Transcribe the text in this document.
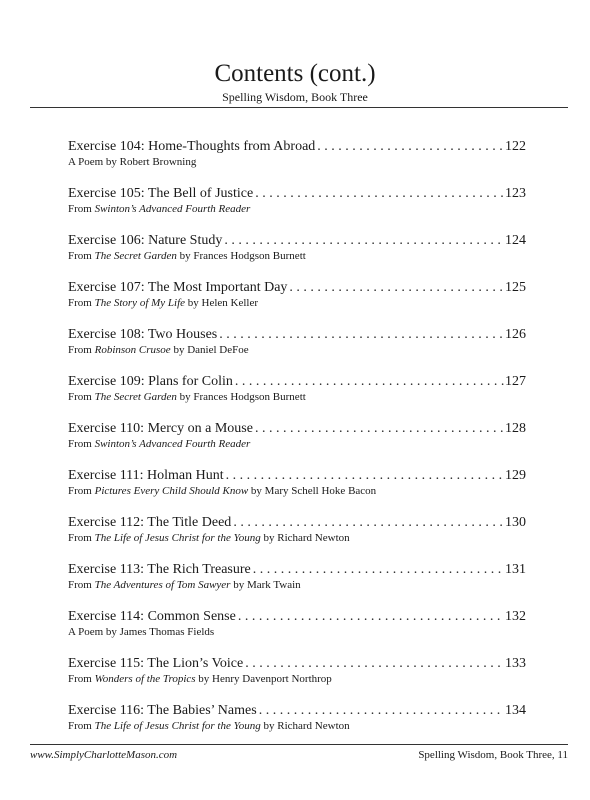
Contents (cont.)
Spelling Wisdom, Book Three
Exercise 104: Home-Thoughts from Abroad . . .	122
A Poem by Robert Browning
Exercise 105: The Bell of Justice . . .	123
From Swinton’s Advanced Fourth Reader
Exercise 106: Nature Study . . .	124
From The Secret Garden by Frances Hodgson Burnett
Exercise 107: The Most Important Day . . .	125
From The Story of My Life by Helen Keller
Exercise 108: Two Houses . . .	126
From Robinson Crusoe by Daniel DeFoe
Exercise 109: Plans for Colin . . .	127
From The Secret Garden by Frances Hodgson Burnett
Exercise 110: Mercy on a Mouse . . .	128
From Swinton’s Advanced Fourth Reader
Exercise 111: Holman Hunt . . .	129
From Pictures Every Child Should Know by Mary Schell Hoke Bacon
Exercise 112: The Title Deed . . .	130
From The Life of Jesus Christ for the Young by Richard Newton
Exercise 113: The Rich Treasure . . .	131
From The Adventures of Tom Sawyer by Mark Twain
Exercise 114: Common Sense . . .	132
A Poem by James Thomas Fields
Exercise 115: The Lion’s Voice . . .	133
From Wonders of the Tropics by Henry Davenport Northrop
Exercise 116: The Babies’ Names . . .	134
From The Life of Jesus Christ for the Young by Richard Newton
www.SimplyCharlotteMason.com	Spelling Wisdom, Book Three, 11
